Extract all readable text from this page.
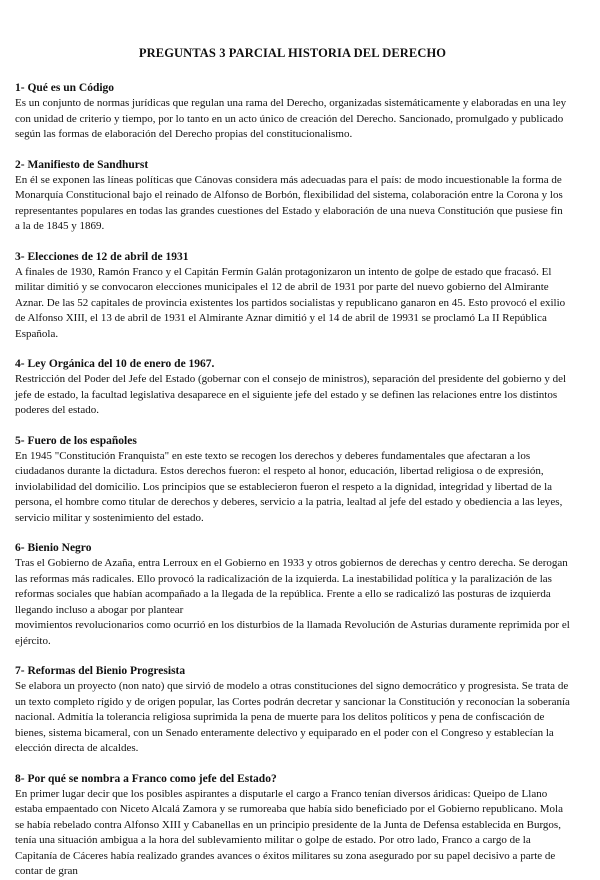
PREGUNTAS 3 PARCIAL HISTORIA DEL DERECHO

1- Qué es un Código

Es un conjunto de normas jurídicas que regulan una rama del Derecho, organizadas sistemáticamente y elaboradas en una ley con unidad de criterio y tiempo, por lo tanto en un acto único de creación del Derecho. Sancionado, promulgado y publicado según las formas de elaboración del Derecho propias del constitucionalismo.

2- Manifiesto de Sandhurst

En él se exponen las líneas políticas que Cánovas considera más adecuadas para el país: de modo incuestionable la forma de Monarquía Constitucional bajo el reinado de Alfonso de Borbón, flexibilidad del sistema, colaboración entre la Corona y los representantes populares en todas las grandes cuestiones del Estado y elaboración de una nueva Constitución que pusiese fin a la de 1845 y 1869.

3- Elecciones de 12 de abril de 1931

A finales de 1930, Ramón Franco y el Capitán Fermín Galán protagonizaron un intento de golpe de estado que fracasó. El militar dimitió y se convocaron elecciones municipales el 12 de abril de 1931 por parte del nuevo gobierno del Almirante Aznar. De las 52 capitales de provincia existentes los partidos socialistas y republicano ganaron en 45. Esto provocó el exilio de Alfonso XIII, el 13 de abril de 1931 el Almirante Aznar dimitió y el 14 de abril de 19931 se proclamó La II República Española.

4- Ley Orgánica del 10 de enero de 1967.

Restricción del Poder del Jefe del Estado (gobernar con el consejo de ministros), separación del presidente del gobierno y del jefe de estado, la facultad legislativa desaparece en el siguiente jefe del estado y se definen las relaciones entre los distintos poderes del estado.

5- Fuero de los españoles

En 1945 "Constitución Franquista" en este texto se recogen los derechos y deberes fundamentales que afectaran a los ciudadanos durante la dictadura. Estos derechos fueron: el respeto al honor, educación, libertad religiosa o de expresión, inviolabilidad del domicilio. Los principios que se establecieron fueron el respeto a la dignidad, integridad y libertad de la persona, el hombre como titular de derechos y deberes, servicio a la patria, lealtad al jefe del estado y obediencia a las leyes, servicio militar y sostenimiento del estado.

6- Bienio Negro

Tras el Gobierno de Azaña, entra Lerroux en el Gobierno en 1933 y otros gobiernos de derechas y centro derecha. Se derogan las reformas más radicales. Ello provocó la radicalización de la izquierda. La inestabilidad política y la paralización de las reformas sociales que habían acompañado a la llegada de la república. Frente a ello se radicalizó las posturas de izquierda llegando incluso a abogar por plantear
movimientos revolucionarios como ocurrió en los disturbios de la llamada Revolución de Asturias duramente reprimida por el ejército.

7- Reformas del Bienio Progresista

Se elabora un proyecto (non nato) que sirvió de modelo a otras constituciones del signo democrático y progresista. Se trata de un texto completo rígido y de origen popular, las Cortes podrán decretar y sancionar la Constitución y reconocían la soberanía nacional. Admitía la tolerancia religiosa suprimida la pena de muerte para los delitos políticos y pena de confiscación de bienes, sistema bicameral, con un Senado enteramente delectivo y equiparado en el poder con el Congreso y establecían la elección directa de alcaldes.

8- Por qué se nombra a Franco como jefe del Estado?

En primer lugar decir que los posibles aspirantes a disputarle el cargo a Franco tenían diversos áridicas: Queipo de Llano estaba empaentado con Niceto Alcalá Zamora y se rumoreaba que había sido beneficiado por el Gobierno republicano. Mola se había rebelado contra Alfonso XIII y Cabanellas en un principio presidente de la Junta de Defensa establecida en Burgos, tenía una situación ambigua a la hora del sublevamiento militar o golpe de estado. Por otro lado, Franco a cargo de la Capitanía de Cáceres había realizado grandes avances o éxitos militares su zona asegurado por su papel decisivo a parte de contar de gran
